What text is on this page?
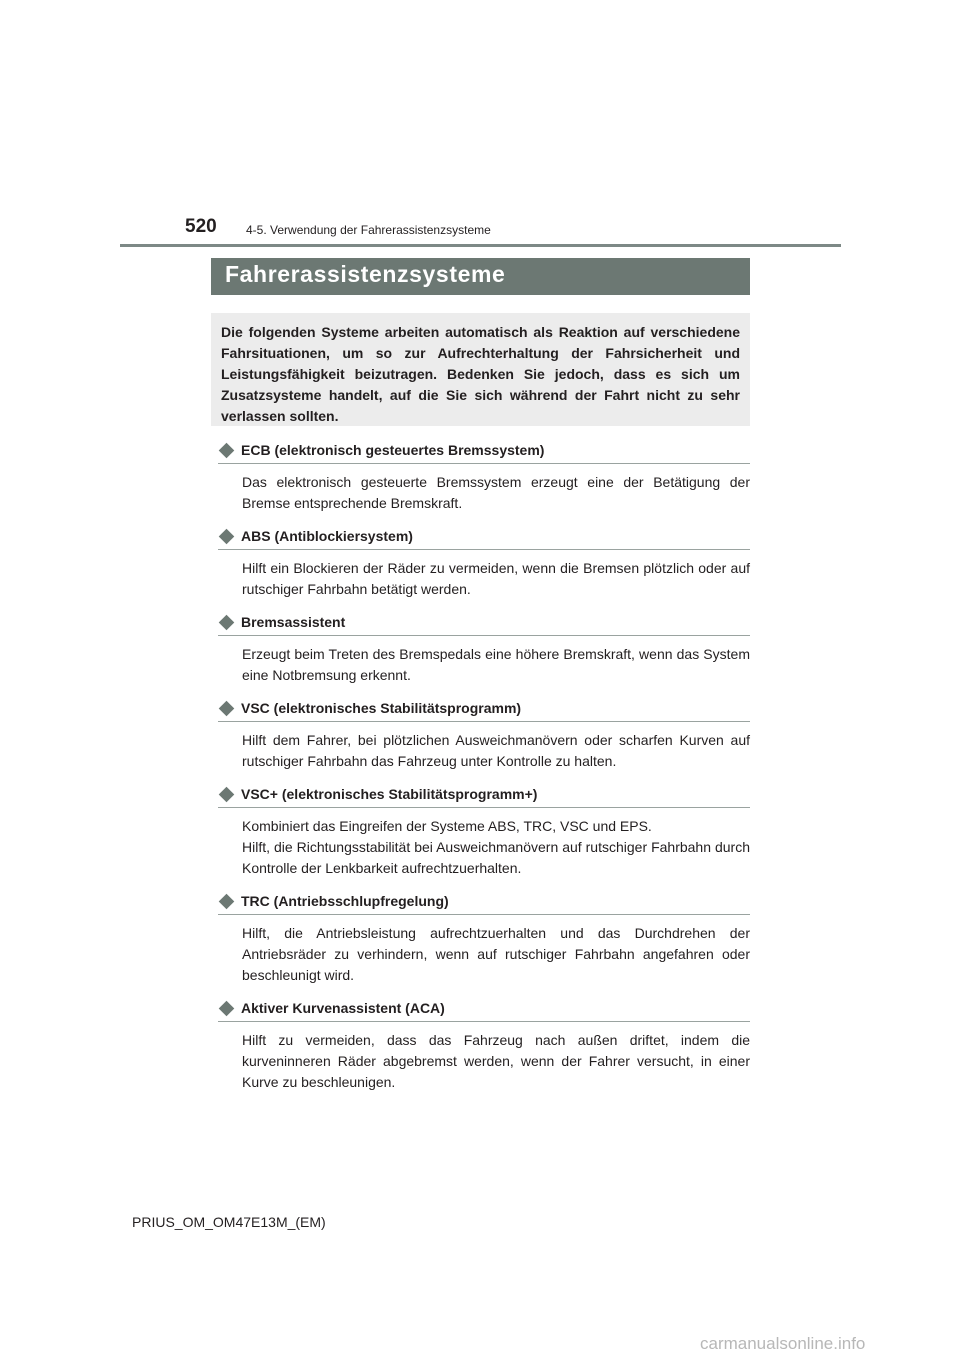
520 4-5. Verwendung der Fahrerassistenzsysteme
Fahrerassistenzsysteme
Die folgenden Systeme arbeiten automatisch als Reaktion auf verschiedene Fahrsituationen, um so zur Aufrechterhaltung der Fahrsicherheit und Leistungsfähigkeit beizutragen. Bedenken Sie jedoch, dass es sich um Zusatzsysteme handelt, auf die Sie sich während der Fahrt nicht zu sehr verlassen sollten.
ECB (elektronisch gesteuertes Bremssystem)

Das elektronisch gesteuerte Bremssystem erzeugt eine der Betätigung der Bremse entsprechende Bremskraft.

ABS (Antiblockiersystem)

Hilft ein Blockieren der Räder zu vermeiden, wenn die Bremsen plötzlich oder auf rutschiger Fahrbahn betätigt werden.

Bremsassistent

Erzeugt beim Treten des Bremspedals eine höhere Bremskraft, wenn das System eine Notbremsung erkennt.

VSC (elektronisches Stabilitätsprogramm)

Hilft dem Fahrer, bei plötzlichen Ausweichmanövern oder scharfen Kurven auf rutschiger Fahrbahn das Fahrzeug unter Kontrolle zu halten.

VSC+ (elektronisches Stabilitätsprogramm+)

Kombiniert das Eingreifen der Systeme ABS, TRC, VSC und EPS.

Hilft, die Richtungsstabilität bei Ausweichmanövern auf rutschiger Fahrbahn durch Kontrolle der Lenkbarkeit aufrechtzuerhalten.

TRC (Antriebsschlupfregelung)

Hilft, die Antriebsleistung aufrechtzuerhalten und das Durchdrehen der Antriebsräder zu verhindern, wenn auf rutschiger Fahrbahn angefahren oder beschleunigt wird.

Aktiver Kurvenassistent (ACA)

Hilft zu vermeiden, dass das Fahrzeug nach außen driftet, indem die kurveninneren Räder abgebremst werden, wenn der Fahrer versucht, in einer Kurve zu beschleunigen.

PRIUS_OM_OM47E13M_(EM)
carmanualsonline.info
